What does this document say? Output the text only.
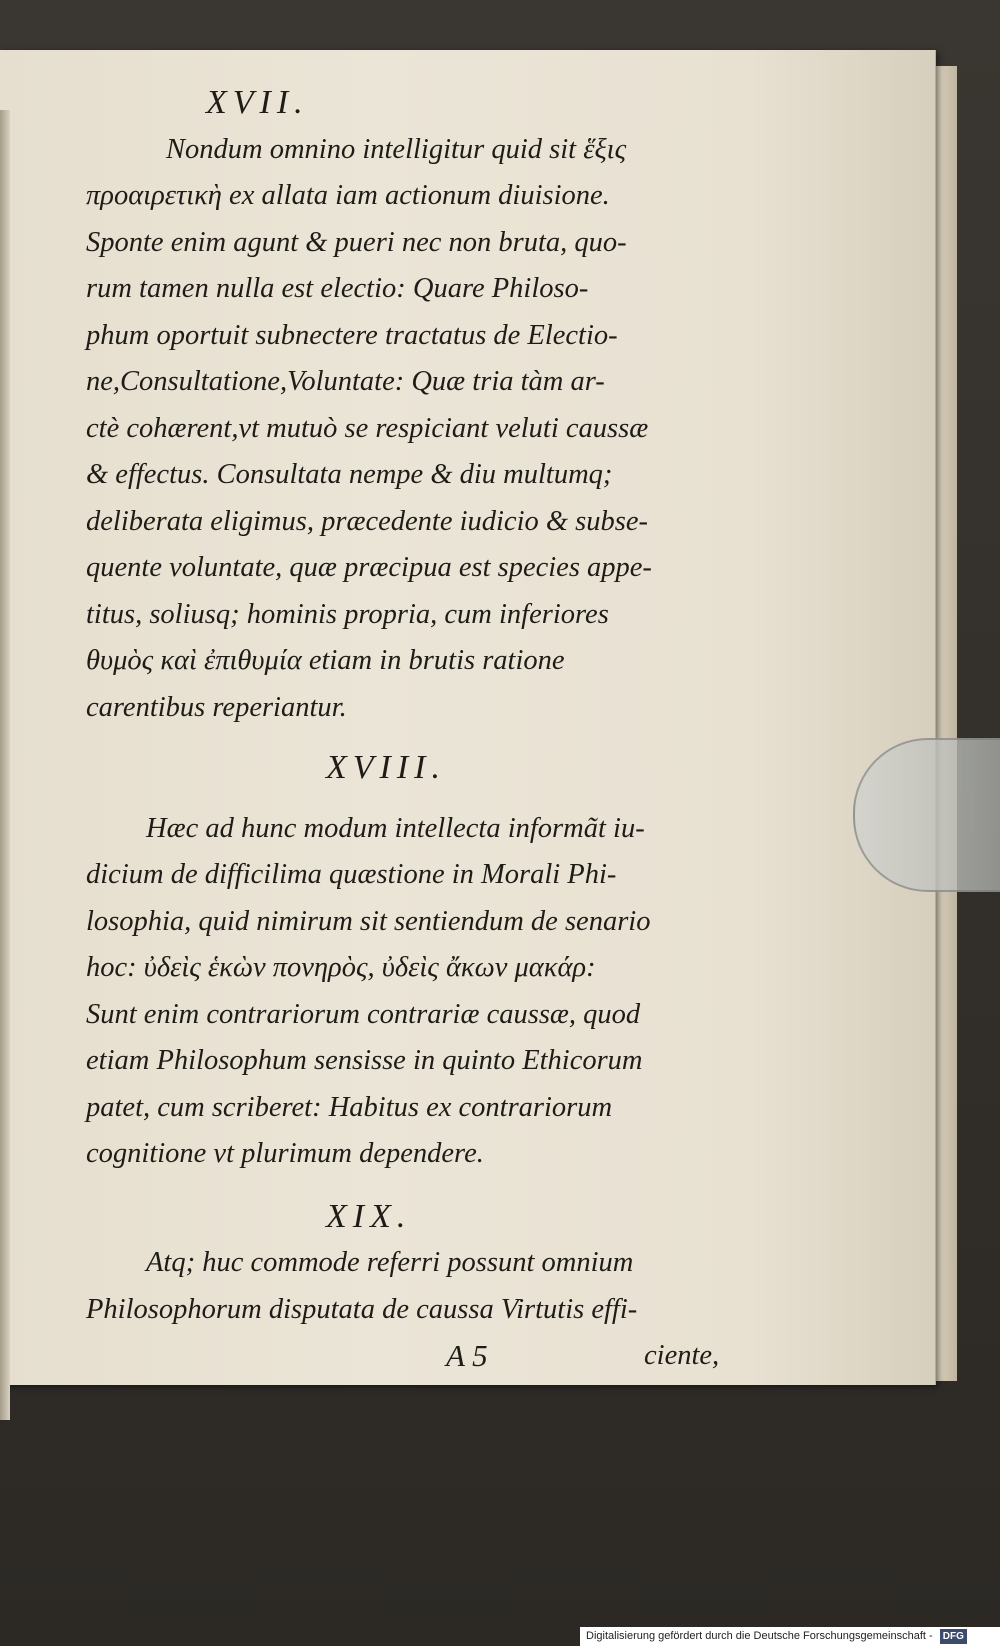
XVII.

Nondum omnino intelligitur quid sit ἕξις
προαιρετικὴ ex allata iam actionum diuisione.
Sponte enim agunt & pueri nec non bruta, quo-
rum tamen nulla est electio: Quare Philoso-
phum oportuit subnectere tractatus de Electio-
ne,Consultatione,Voluntate: Quæ tria tàm ar-
ctè cohærent,vt mutuò se respiciant veluti caussæ
& effectus. Consultata nempe & diu multumq;
deliberata eligimus, præcedente iudicio & subse-
quente voluntate, quæ præcipua est species appe-
titus, soliusq; hominis propria, cum inferiores
θυμὸς καὶ ἐπιθυμία etiam in brutis ratione
carentibus reperiantur.

XVIII.

Hæc ad hunc modum intellecta informãt iu-
dicium de difficilima quæstione in Morali Phi-
losophia, quid nimirum sit sentiendum de senario
hoc: ὐδεὶς ἑκὼν πονηρὸς, ὐδεὶς ἄκων μακάρ:
Sunt enim contrariorum contrariæ caussæ, quod
etiam Philosophum sensisse in quinto Ethicorum
patet, cum scriberet: Habitus ex contrariorum
cognitione vt plurimum dependere.

XIX.

Atq; huc commode referri possunt omnium
Philosophorum disputata de caussa Virtutis effi-
A 5	ciente,
Digitalisierung gefördert durch die Deutsche Forschungsgemeinschaft - DFG
